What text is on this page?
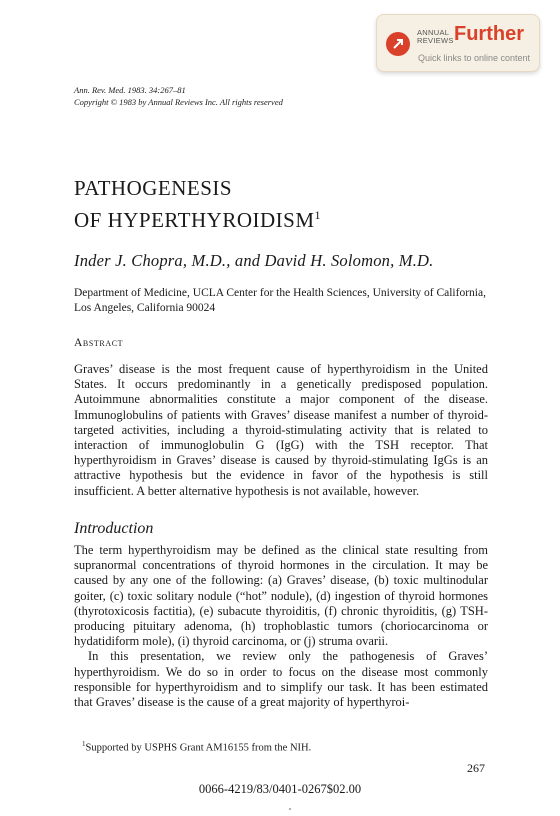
ANNUAL REVIEWS Further
Quick links to online content
Ann. Rev. Med. 1983. 34:267–81
Copyright © 1983 by Annual Reviews Inc. All rights reserved
PATHOGENESIS
OF HYPERTHYROIDISM$^1$
Inder J. Chopra, M.D., and David H. Solomon, M.D.
Department of Medicine, UCLA Center for the Health Sciences, University of California, Los Angeles, California 90024
Abstract
Graves’ disease is the most frequent cause of hyperthyroidism in the United States. It occurs predominantly in a genetically predisposed population. Autoimmune abnormalities constitute a major component of the disease. Immunoglobulins of patients with Graves’ disease manifest a number of thyroid-targeted activities, including a thyroid-stimulating activity that is related to interaction of immunoglobulin G (IgG) with the TSH receptor. That hyperthyroidism in Graves’ disease is caused by thyroid-stimulating IgGs is an attractive hypothesis but the evidence in favor of the hypothesis is still insufficient. A better alternative hypothesis is not available, however.
Introduction

The term hyperthyroidism may be defined as the clinical state resulting from supranormal concentrations of thyroid hormones in the circulation. It may be caused by any one of the following: (a) Graves’ disease, (b) toxic multinodular goiter, (c) toxic solitary nodule (“hot” nodule), (d) ingestion of thyroid hormones (thyrotoxicosis factitia), (e) subacute thyroiditis, (f) chronic thyroiditis, (g) TSH-producing pituitary adenoma, (h) trophoblastic tumors (choriocarcinoma or hydatidiform mole), (i) thyroid carcinoma, or (j) struma ovarii.

In this presentation, we review only the pathogenesis of Graves’ hyperthyroidism. We do so in order to focus on the disease most commonly responsible for hyperthyroidism and to simplify our task. It has been estimated that Graves’ disease is the cause of a great majority of hyperthyroi-

$^1$Supported by USPHS Grant AM16155 from the NIH.
267
0066-4219/83/0401-0267$02.00
